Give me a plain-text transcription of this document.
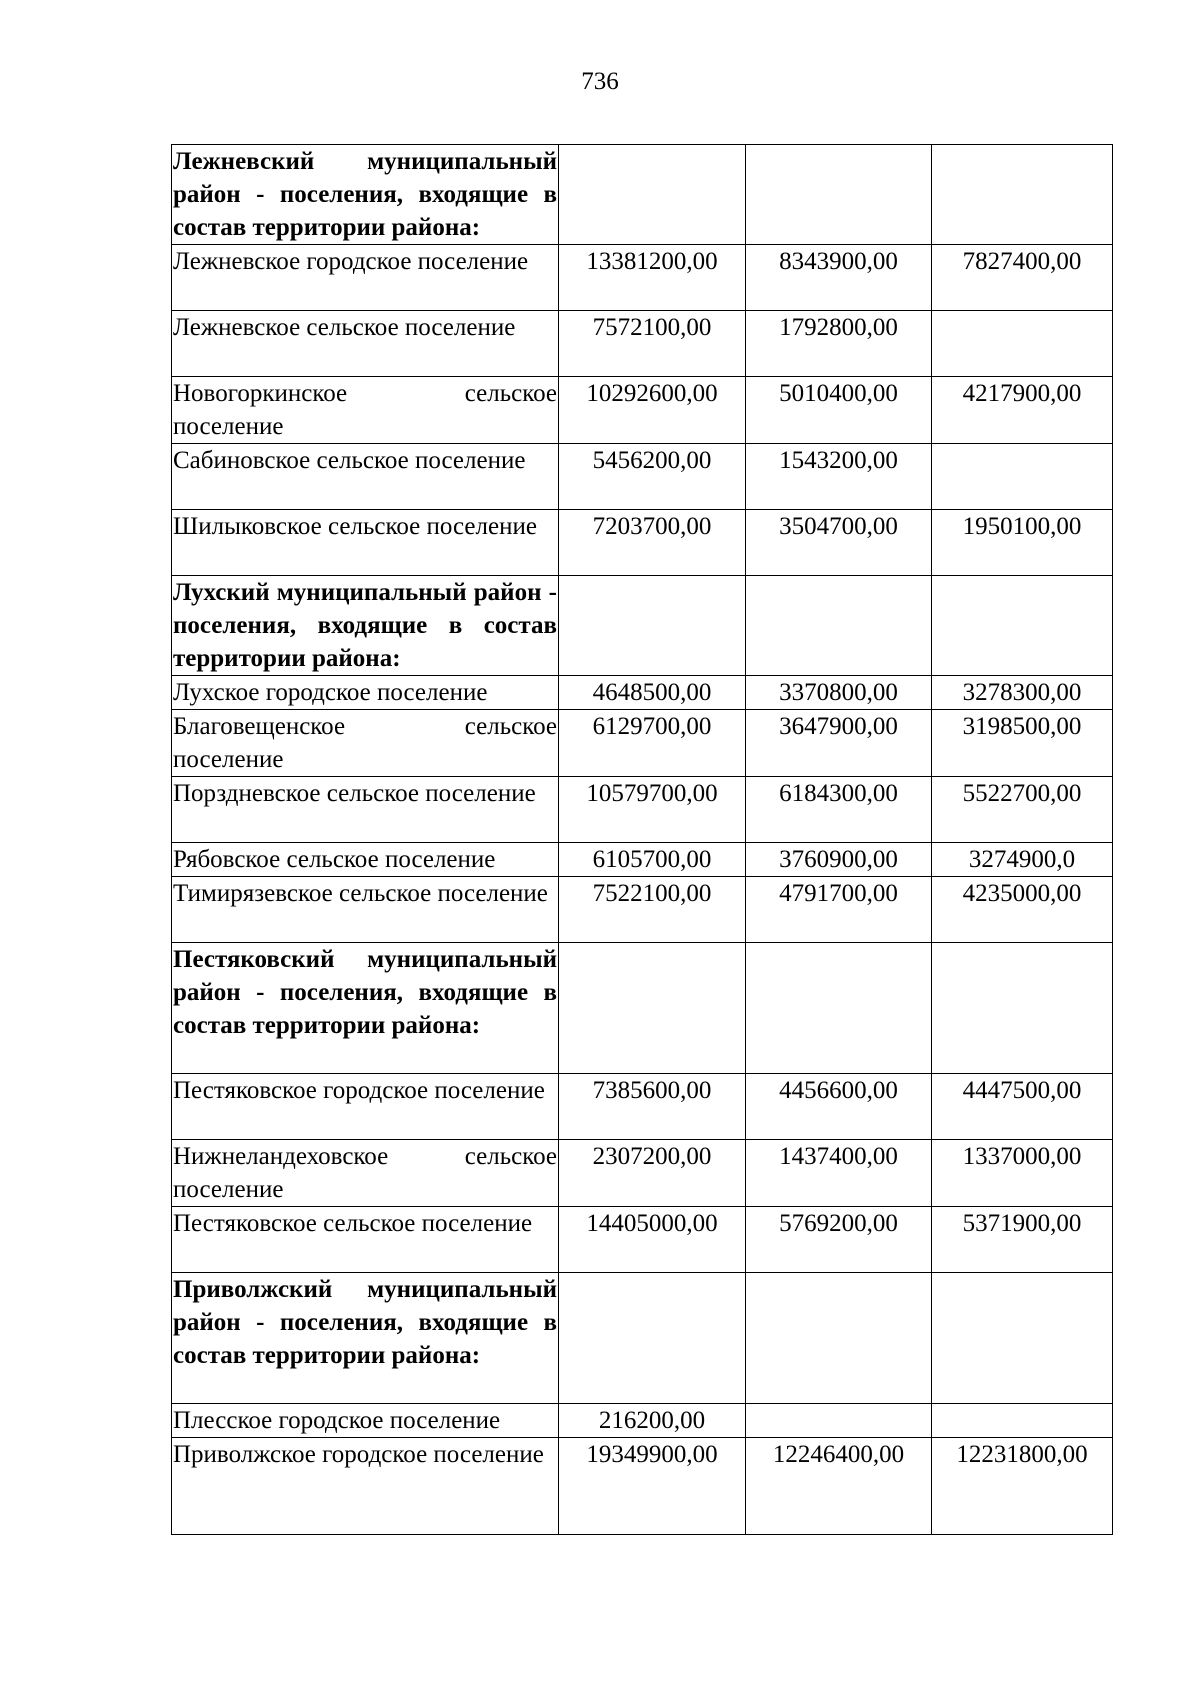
736
Лежневский муниципальный район - поселения, входящие в состав территории района:			
Лежневское городское поселение	13381200,00	8343900,00	7827400,00
Лежневское сельское поселение	7572100,00	1792800,00	
Новогоркинское сельское поселение	10292600,00	5010400,00	4217900,00
Сабиновское сельское поселение	5456200,00	1543200,00	
Шилыковское сельское поселение	7203700,00	3504700,00	1950100,00
Лухский муниципальный район - поселения, входящие в состав территории района:			
Лухское городское поселение	4648500,00	3370800,00	3278300,00
Благовещенское сельское поселение	6129700,00	3647900,00	3198500,00
Порздневское сельское поселение	10579700,00	6184300,00	5522700,00
Рябовское сельское поселение	6105700,00	3760900,00	3274900,0
Тимирязевское сельское поселение	7522100,00	4791700,00	4235000,00
Пестяковский муниципальный район - поселения, входящие в состав территории района:			
Пестяковское городское поселение	7385600,00	4456600,00	4447500,00
Нижнеландеховское сельское поселение	2307200,00	1437400,00	1337000,00
Пестяковское сельское поселение	14405000,00	5769200,00	5371900,00
Приволжский муниципальный район - поселения, входящие в состав территории района:			
Плесское городское поселение	216200,00		
Приволжское городское поселение	19349900,00	12246400,00	12231800,00
